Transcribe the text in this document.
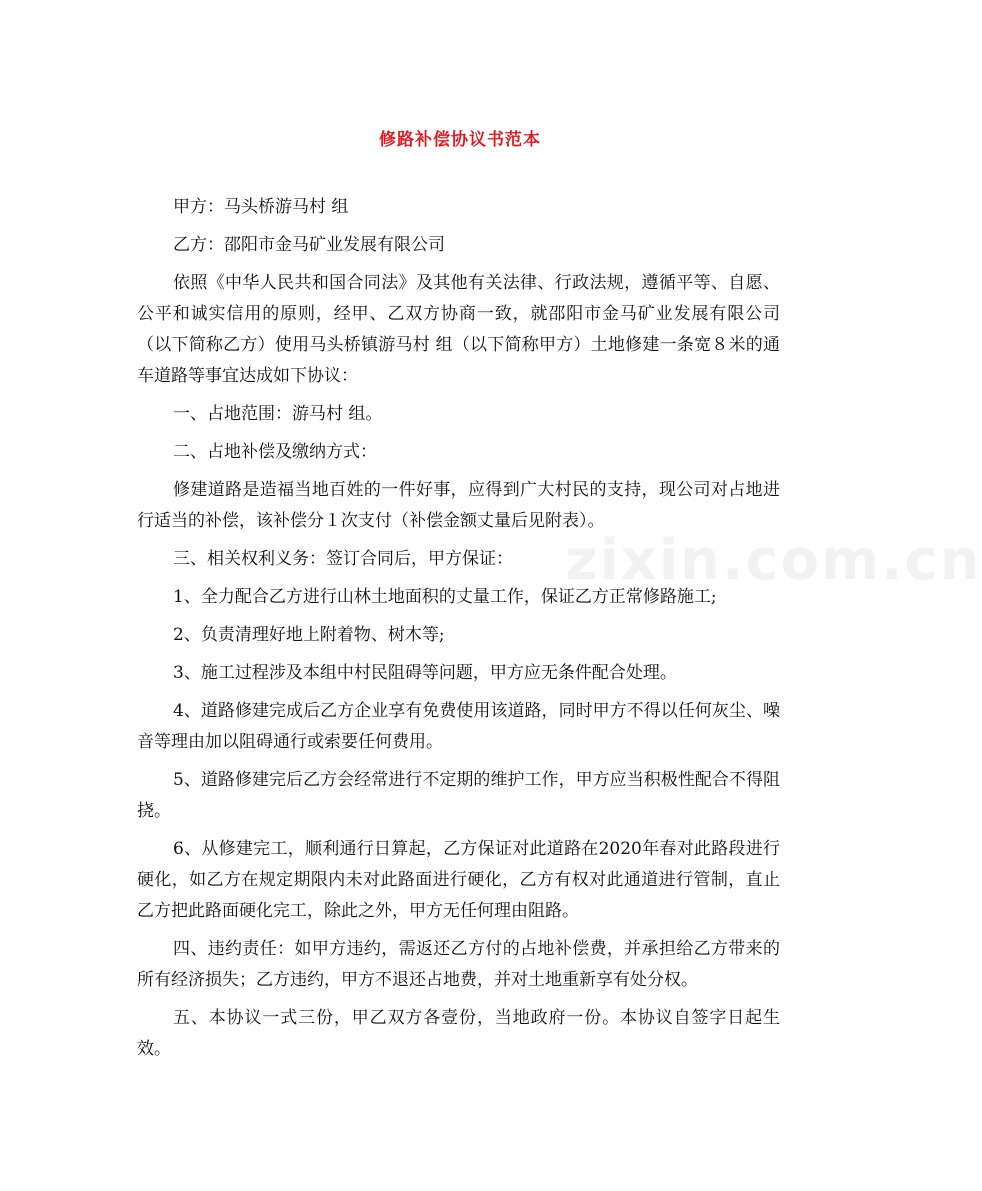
zixin.com.cn
修路补偿协议书范本

甲方：马头桥游马村 组

乙方：邵阳市金马矿业发展有限公司

依照《中华人民共和国合同法》及其他有关法律、行政法规，遵循平等、自愿、公平和诚实信用的原则，经甲、乙双方协商一致，就邵阳市金马矿业发展有限公司（以下简称乙方）使用马头桥镇游马村 组（以下简称甲方）土地修建一条宽８米的通车道路等事宜达成如下协议：

一、占地范围：游马村 组。

二、占地补偿及缴纳方式：

修建道路是造福当地百姓的一件好事，应得到广大村民的支持，现公司对占地进行适当的补偿，该补偿分１次支付（补偿金额丈量后见附表）。

三、相关权利义务：签订合同后，甲方保证：

1、全力配合乙方进行山林土地面积的丈量工作，保证乙方正常修路施工;

2、负责清理好地上附着物、树木等;

3、施工过程涉及本组中村民阻碍等问题，甲方应无条件配合处理。

4、道路修建完成后乙方企业享有免费使用该道路，同时甲方不得以任何灰尘、噪音等理由加以阻碍通行或索要任何费用。

5、道路修建完后乙方会经常进行不定期的维护工作，甲方应当积极性配合不得阻挠。

6、从修建完工，顺利通行日算起，乙方保证对此道路在2020年春对此路段进行硬化，如乙方在规定期限内未对此路面进行硬化，乙方有权对此通道进行管制，直止乙方把此路面硬化完工，除此之外，甲方无任何理由阻路。

四、违约责任：如甲方违约，需返还乙方付的占地补偿费，并承担给乙方带来的所有经济损失；乙方违约，甲方不退还占地费，并对土地重新享有处分权。

五、本协议一式三份，甲乙双方各壹份，当地政府一份。本协议自签字日起生效。
